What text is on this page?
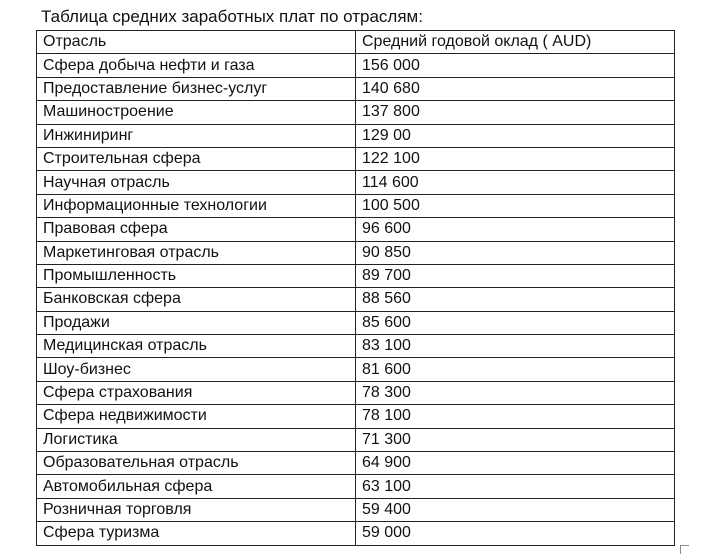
Таблица средних заработных плат по отраслям:
Отрасль	Средний годовой оклад ( AUD)
Сфера добыча нефти и газа	156 000
Предоставление бизнес-услуг	140 680
Машиностроение	137 800
Инжиниринг	129 00
Строительная сфера	122 100
Научная отрасль	114 600
Информационные технологии	100 500
Правовая сфера	96 600
Маркетинговая отрасль	90 850
Промышленность	89 700
Банковская сфера	88 560
Продажи	85 600
Медицинская отрасль	83 100
Шоу-бизнес	81 600
Сфера страхования	78 300
Сфера недвижимости	78 100
Логистика	71 300
Образовательная отрасль	64 900
Автомобильная сфера	63 100
Розничная торговля	59 400
Сфера туризма	59 000
